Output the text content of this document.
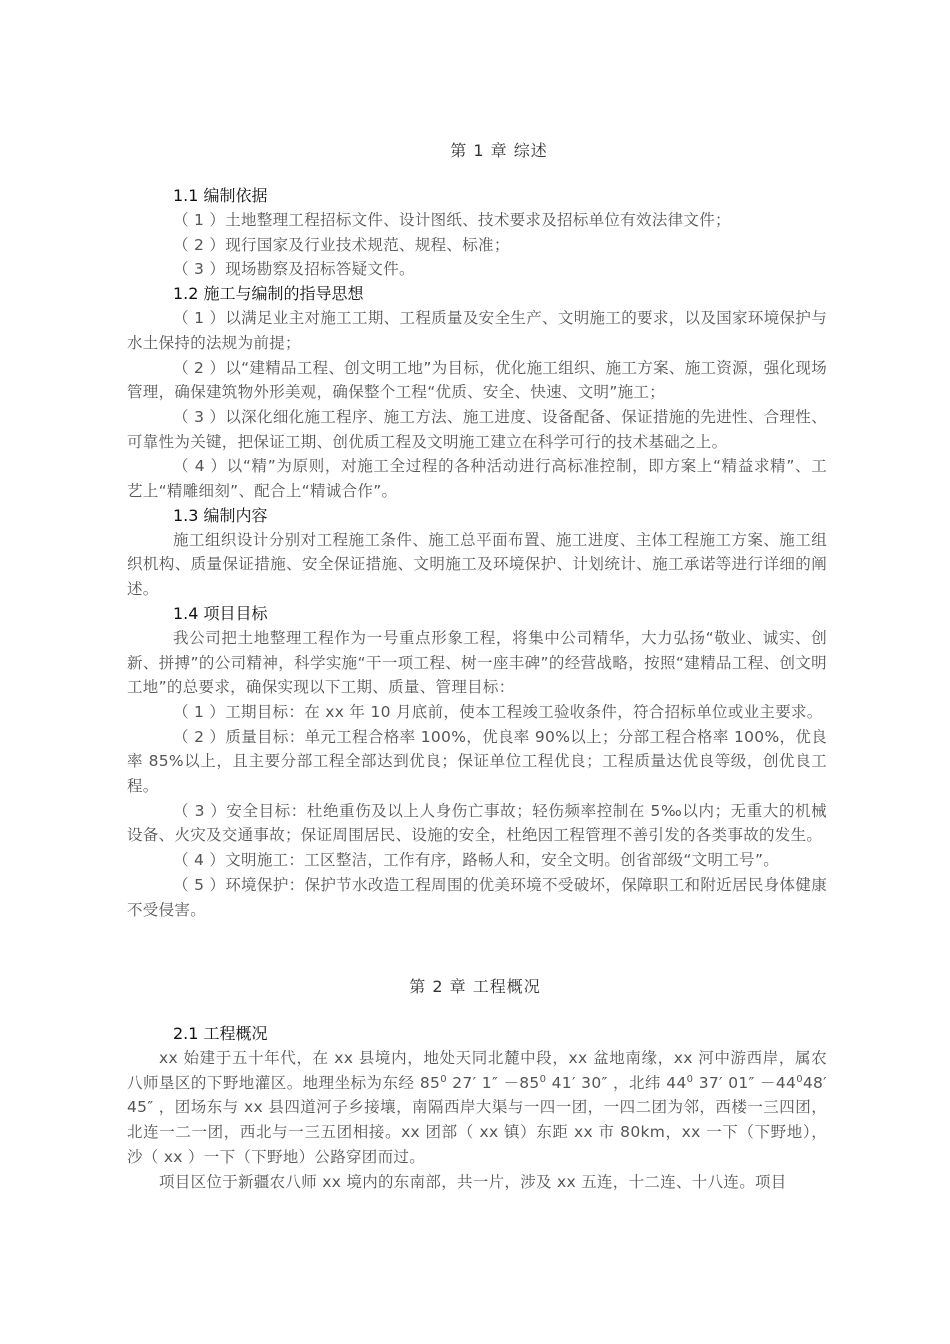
第 1 章 综述
1.1 编制依据

（ 1 ）土地整理工程招标文件、设计图纸、技术要求及招标单位有效法律文件；

（ 2 ）现行国家及行业技术规范、规程、标准；

（ 3 ）现场勘察及招标答疑文件。

1.2 施工与编制的指导思想

（ 1 ）以满足业主对施工工期、工程质量及安全生产、文明施工的要求，以及国家环境保护与水土保持的法规为前提；

（ 2 ）以“建精品工程、创文明工地”为目标，优化施工组织、施工方案、施工资源，强化现场管理，确保建筑物外形美观，确保整个工程“优质、安全、快速、文明”施工；

（ 3 ）以深化细化施工程序、施工方法、施工进度、设备配备、保证措施的先进性、合理性、可靠性为关键，把保证工期、创优质工程及文明施工建立在科学可行的技术基础之上。

（ 4 ）以“精”为原则，对施工全过程的各种活动进行高标准控制，即方案上“精益求精”、工艺上“精雕细刻”、配合上“精诚合作”。

1.3 编制内容

施工组织设计分别对工程施工条件、施工总平面布置、施工进度、主体工程施工方案、施工组织机构、质量保证措施、安全保证措施、文明施工及环境保护、计划统计、施工承诺等进行详细的阐述。

1.4 项目目标

我公司把土地整理工程作为一号重点形象工程，将集中公司精华，大力弘扬“敬业、诚实、创新、拼搏”的公司精神，科学实施“干一项工程、树一座丰碑”的经营战略，按照“建精品工程、创文明工地”的总要求，确保实现以下工期、质量、管理目标：

（ 1 ）工期目标：在 xx 年 10 月底前，使本工程竣工验收条件，符合招标单位或业主要求。

（ 2 ）质量目标：单元工程合格率 100%，优良率 90%以上；分部工程合格率 100%，优良率 85%以上，且主要分部工程全部达到优良；保证单位工程优良；工程质量达优良等级，创优良工程。

（ 3 ）安全目标：杜绝重伤及以上人身伤亡事故；轻伤频率控制在 5‰以内；无重大的机械设备、火灾及交通事故；保证周围居民、设施的安全，杜绝因工程管理不善引发的各类事故的发生。

（ 4 ）文明施工：工区整洁，工作有序，路畅人和，安全文明。创省部级“文明工号”。

（ 5 ）环境保护：保护节水改造工程周围的优美环境不受破坏，保障职工和附近居民身体健康不受侵害。

第 2 章 工程概况
2.1 工程概况

xx 始建于五十年代，在 xx 县境内，地处天同北麓中段，xx 盆地南缘，xx 河中游西岸，属农八师垦区的下野地灌区。地理坐标为东经 $85^0$ 27′ $1'' -85^0$ 41′ 30″ ，北纬 $44^0$ 37′ $01'' -44^048'$ 45″ ，团场东与 xx 县四道河子乡接壤，南隔西岸大渠与一四一团，一四二团为邻，西楼一三四团，北连一二一团，西北与一三五团相接。xx 团部（ xx 镇）东距 xx 市 80km，xx 一下（下野地），沙（ xx ）一下（下野地）公路穿团而过。

项目区位于新疆农八师 xx 境内的东南部，共一片，涉及 xx 五连，十二连、十八连。项目
